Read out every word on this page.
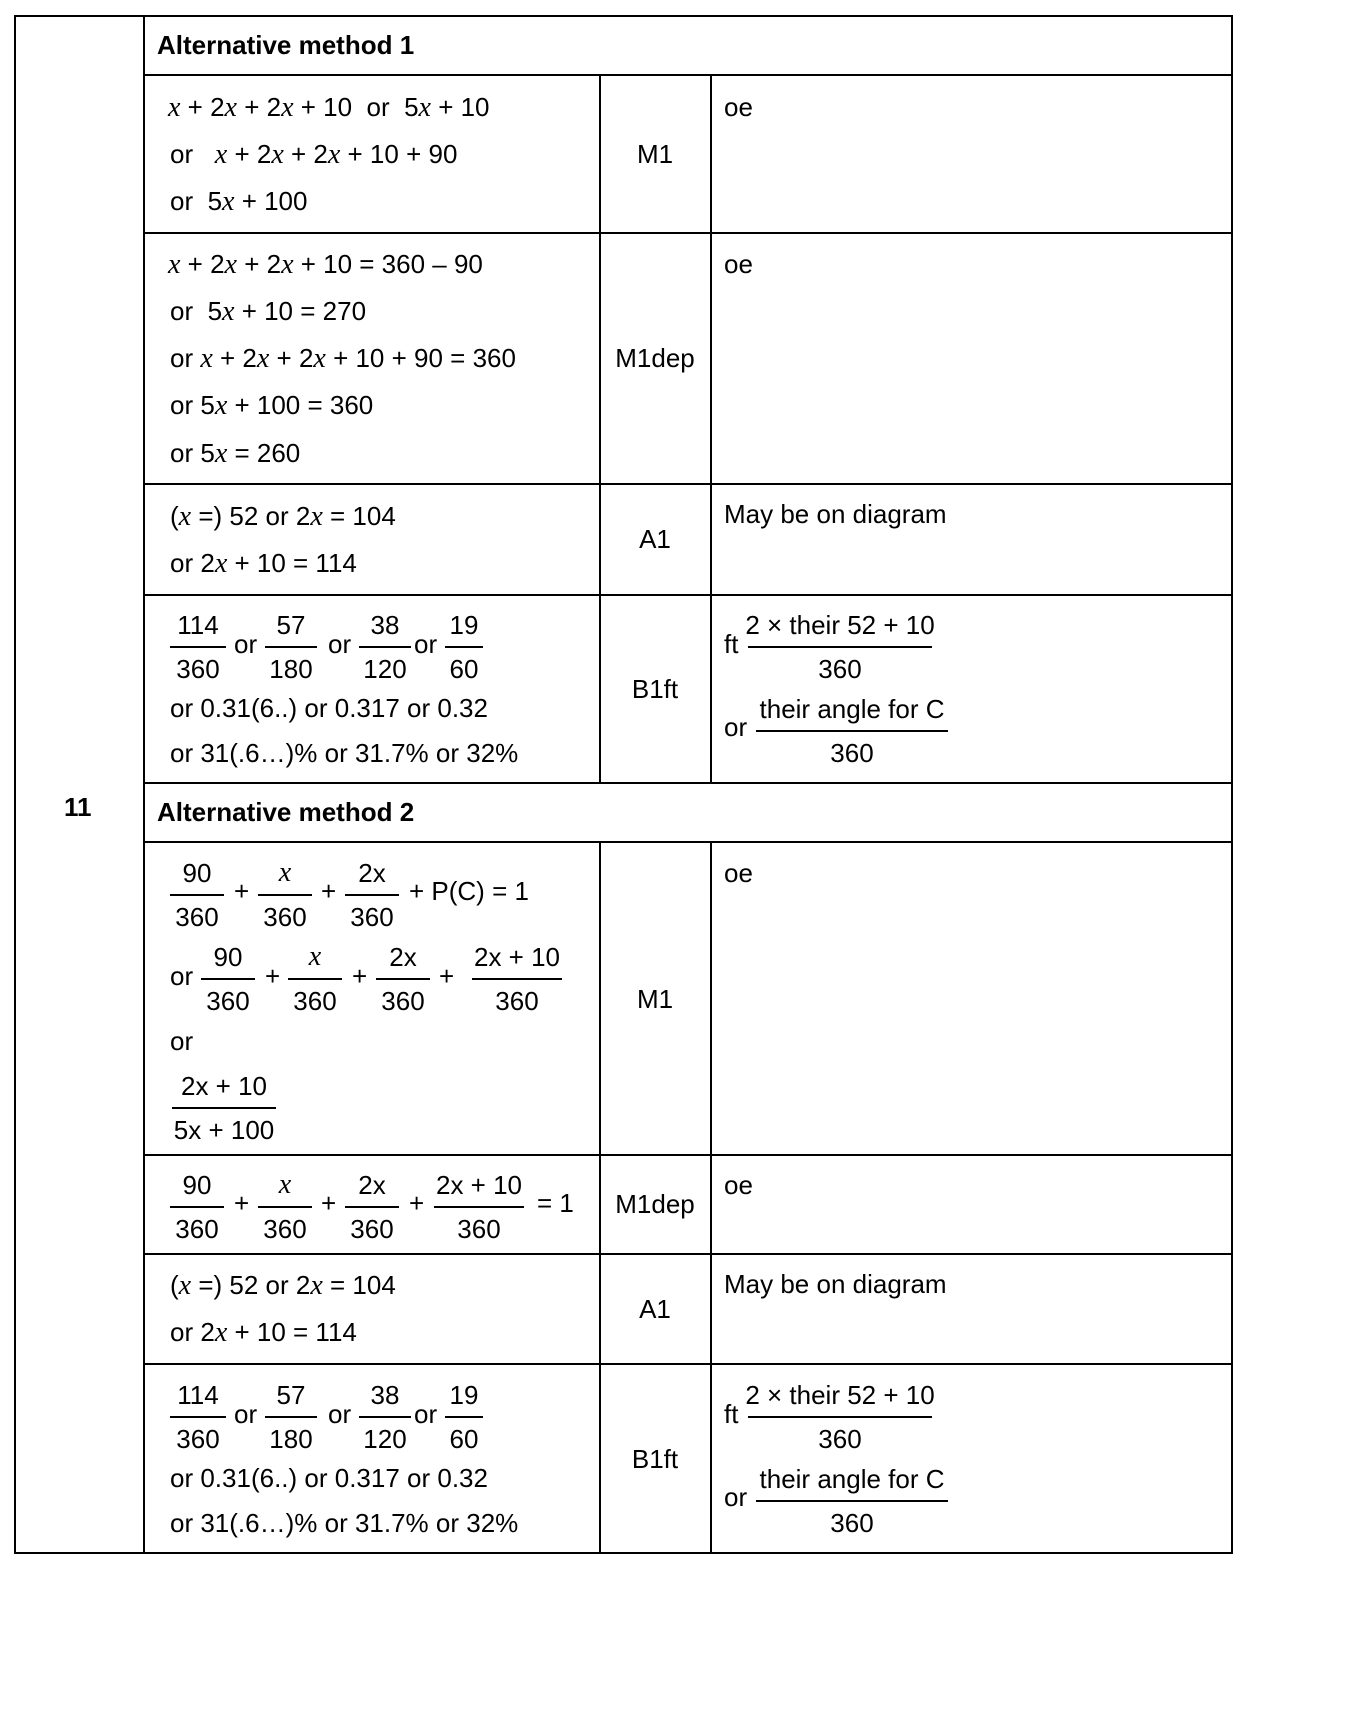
11
Alternative method 1
x + 2x + 2x + 10  or  5x + 10
or   x + 2x + 2x + 10 + 90
or  5x + 100
M1
oe
x + 2x + 2x + 10 = 360 – 90
or  5x + 10 = 270
or x + 2x + 2x + 10 + 90 = 360
or 5x + 100 = 360
or 5x = 260
M1dep
oe
(x =) 52 or 2x = 104
or 2x + 10 = 114
A1
May be on diagram
114
360
or
57
180
or
38
120
or
19
60
or 0.31(6..) or 0.317 or 0.32
or 31(.6…)% or 31.7% or 32%
B1ft
ft
2 × their 52 + 10
360
or
their angle for C
360
Alternative method 2
90
360
+
x
360
+
2x
360
+ P(C) = 1
or
90
360
+
x
360
+
2x
360
+
2x + 10
360
or
2x + 10
5x + 100
M1
oe
90
360
+
x
360
+
2x
360
+
2x + 10
360
= 1	M1dep
oe
(x =) 52 or 2x = 104
or 2x + 10 = 114
A1
May be on diagram
114
360
or
57
180
or
38
120
or
19
60
or 0.31(6..) or 0.317 or 0.32
or 31(.6…)% or 31.7% or 32%
B1ft
ft
2 × their 52 + 10
360
or
their angle for C
360
